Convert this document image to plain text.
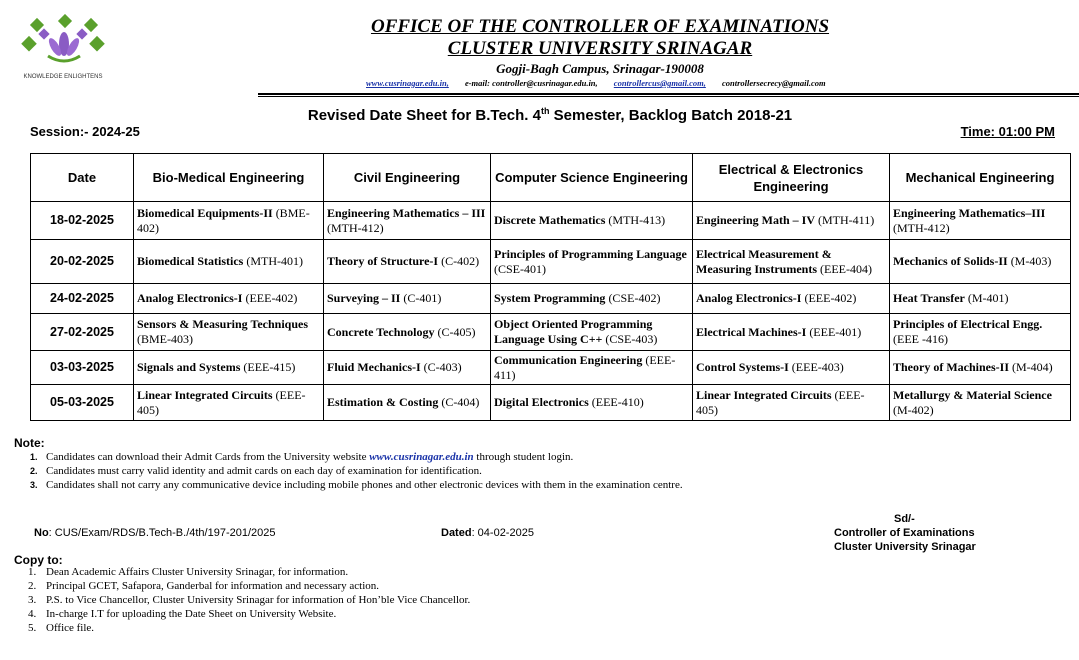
KNOWLEDGE ENLIGHTENS
OFFICE OF THE CONTROLLER OF EXAMINATIONS
CLUSTER UNIVERSITY SRINAGAR
Gogji-Bagh Campus, Srinagar-190008
www.cusrinagar.edu.in, e-mail: controller@cusrinagar.edu.in, controllercus@gmail.com, controllersecrecy@gmail.com
Revised Date Sheet for B.Tech. 4th Semester, Backlog Batch 2018-21
Session:- 2024-25	Time: 01:00 PM
Date	Bio-Medical Engineering	Civil Engineering	Computer Science Engineering	Electrical & Electronics Engineering	Mechanical Engineering
18-02-2025	Biomedical Equipments-II (BME-402)	Engineering Mathematics – III (MTH-412)	Discrete Mathematics (MTH-413)	Engineering Math – IV (MTH-411)	Engineering Mathematics–III (MTH-412)
20-02-2025	Biomedical Statistics (MTH-401)	Theory of Structure-I (C-402)	Principles of Programming Language (CSE-401)	Electrical Measurement & Measuring Instruments (EEE-404)	Mechanics of Solids-II (M-403)
24-02-2025	Analog Electronics-I (EEE-402)	Surveying – II (C-401)	System Programming (CSE-402)	Analog Electronics-I (EEE-402)	Heat Transfer (M-401)
27-02-2025	Sensors & Measuring Techniques (BME-403)	Concrete Technology (C-405)	Object Oriented Programming Language Using C++ (CSE-403)	Electrical Machines-I (EEE-401)	Principles of Electrical Engg. (EEE -416)
03-03-2025	Signals and Systems (EEE-415)	Fluid Mechanics-I (C-403)	Communication Engineering (EEE-411)	Control Systems-I (EEE-403)	Theory of Machines-II (M-404)
05-03-2025	Linear Integrated Circuits (EEE-405)	Estimation & Costing (C-404)	Digital Electronics (EEE-410)	Linear Integrated Circuits (EEE-405)	Metallurgy & Material Science (M-402)
Note:
1. Candidates can download their Admit Cards from the University website www.cusrinagar.edu.in through student login.
2. Candidates must carry valid identity and admit cards on each day of examination for identification.
3. Candidates shall not carry any communicative device including mobile phones and other electronic devices with them in the examination centre.
No: CUS/Exam/RDS/B.Tech-B./4th/197-201/2025	Dated: 04-02-2025
Sd/-
Controller of Examinations
Cluster University Srinagar
Copy to:
1. Dean Academic Affairs Cluster University Srinagar, for information.
2. Principal GCET, Safapora, Ganderbal for information and necessary action.
3. P.S. to Vice Chancellor, Cluster University Srinagar for information of Hon’ble Vice Chancellor.
4. In-charge I.T for uploading the Date Sheet on University Website.
5. Office file.
